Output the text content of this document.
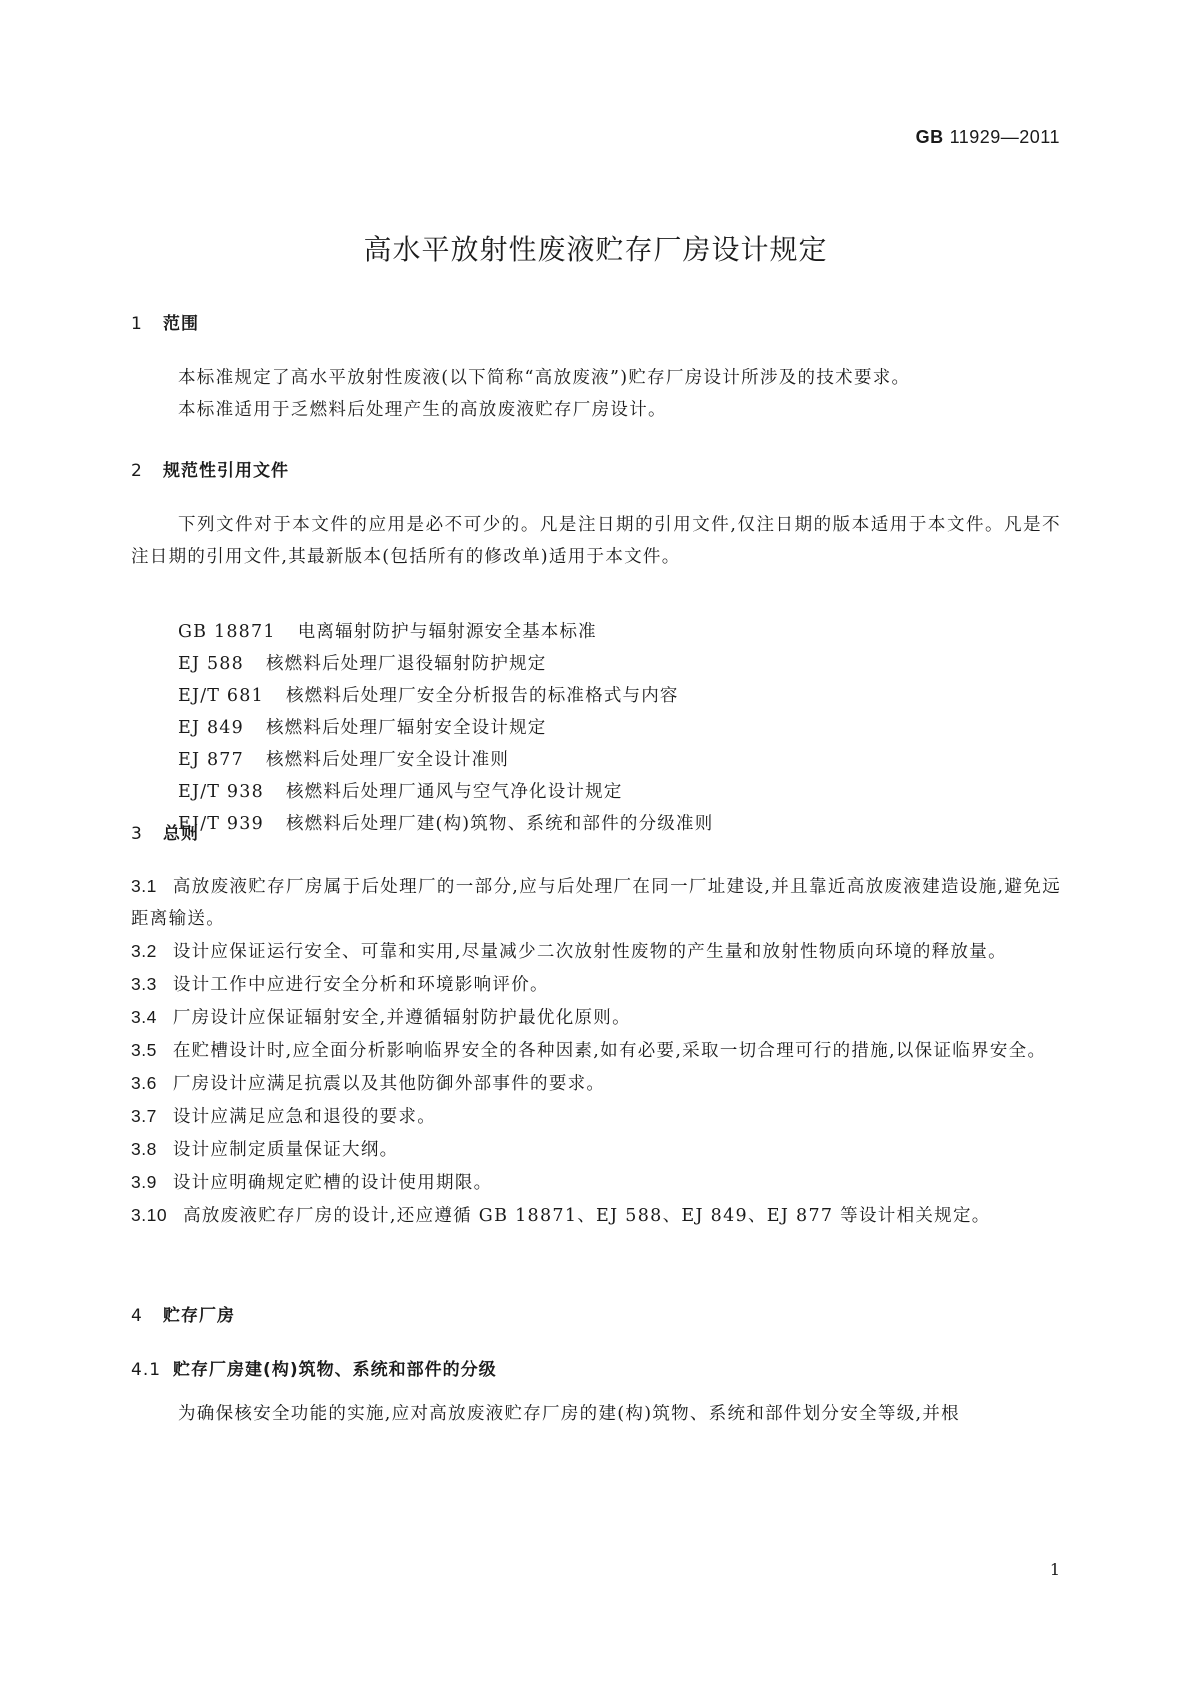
GB 11929—2011
高水平放射性废液贮存厂房设计规定
1 范围
本标准规定了高水平放射性废液(以下简称“高放废液”)贮存厂房设计所涉及的技术要求。
本标准适用于乏燃料后处理产生的高放废液贮存厂房设计。
2 规范性引用文件
下列文件对于本文件的应用是必不可少的。凡是注日期的引用文件,仅注日期的版本适用于本文件。凡是不注日期的引用文件,其最新版本(包括所有的修改单)适用于本文件。
GB 18871 电离辐射防护与辐射源安全基本标准
EJ 588 核燃料后处理厂退役辐射防护规定
EJ/T 681 核燃料后处理厂安全分析报告的标准格式与内容
EJ 849 核燃料后处理厂辐射安全设计规定
EJ 877 核燃料后处理厂安全设计准则
EJ/T 938 核燃料后处理厂通风与空气净化设计规定
EJ/T 939 核燃料后处理厂建(构)筑物、系统和部件的分级准则
3 总则
3.1 高放废液贮存厂房属于后处理厂的一部分,应与后处理厂在同一厂址建设,并且靠近高放废液建造设施,避免远距离输送。
3.2 设计应保证运行安全、可靠和实用,尽量减少二次放射性废物的产生量和放射性物质向环境的释放量。
3.3 设计工作中应进行安全分析和环境影响评价。
3.4 厂房设计应保证辐射安全,并遵循辐射防护最优化原则。
3.5 在贮槽设计时,应全面分析影响临界安全的各种因素,如有必要,采取一切合理可行的措施,以保证临界安全。
3.6 厂房设计应满足抗震以及其他防御外部事件的要求。
3.7 设计应满足应急和退役的要求。
3.8 设计应制定质量保证大纲。
3.9 设计应明确规定贮槽的设计使用期限。
3.10 高放废液贮存厂房的设计,还应遵循 GB 18871、EJ 588、EJ 849、EJ 877 等设计相关规定。
4 贮存厂房
4.1 贮存厂房建(构)筑物、系统和部件的分级
为确保核安全功能的实施,应对高放废液贮存厂房的建(构)筑物、系统和部件划分安全等级,并根
1
